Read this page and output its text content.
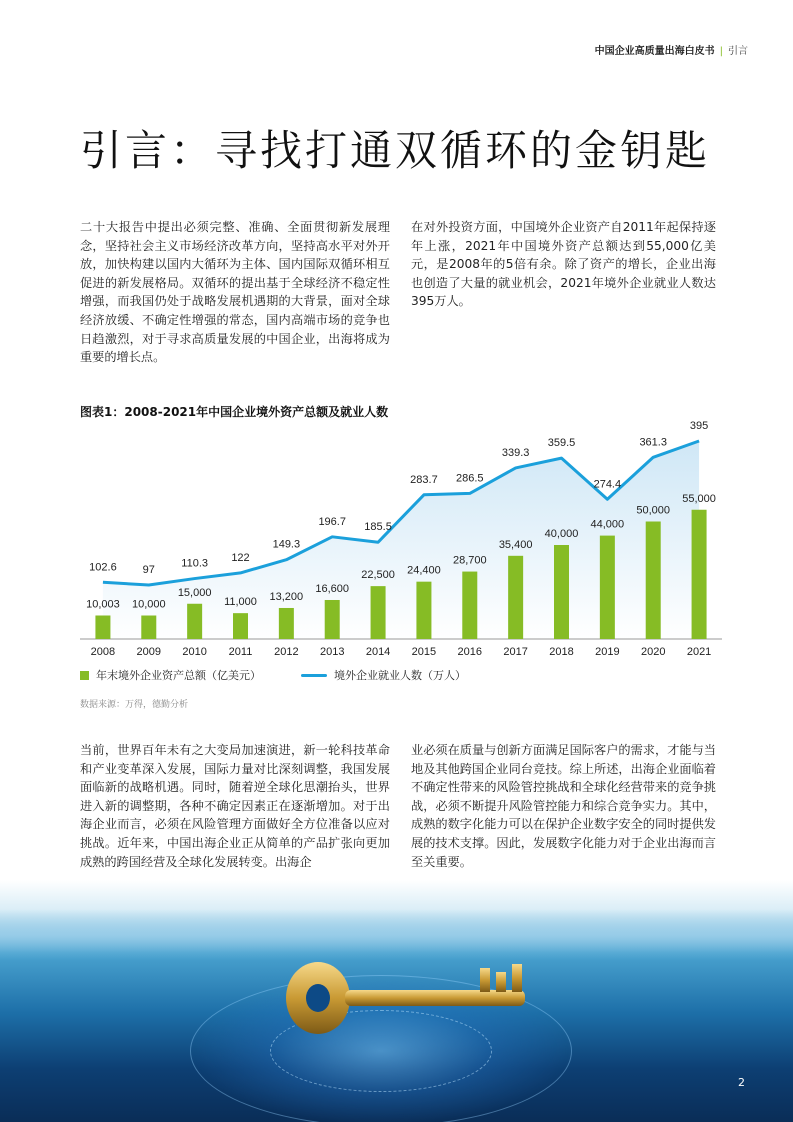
中国企业高质量出海白皮书 | 引言
引言：寻找打通双循环的金钥匙

二十大报告中提出必须完整、准确、全面贯彻新发展理念，坚持社会主义市场经济改革方向，坚持高水平对外开放，加快构建以国内大循环为主体、国内国际双循环相互促进的新发展格局。双循环的提出基于全球经济不稳定性增强，而我国仍处于战略发展机遇期的大背景，面对全球经济放缓、不确定性增强的常态，国内高端市场的竞争也日趋激烈，对于寻求高质量发展的中国企业，出海将成为重要的增长点。

在对外投资方面，中国境外企业资产自2011年起保持逐年上涨，2021年中国境外资产总额达到55,000亿美元，是2008年的5倍有余。除了资产的增长，企业出海也创造了大量的就业机会，2021年境外企业就业人数达395万人。

图表1：2008-2021年中国企业境外资产总额及就业人数

10,003
2008
10,000
2009
15,000
2010
11,000
2011
13,200
2012
16,600
2013
22,500
2014
24,400
2015
28,700
2016
35,400
2017
40,000
2018
44,000
2019
50,000
2020
55,000
2021
102.6 97
110.3 122
149.3
196.7 185.5
283.7 286.5
339.3
359.5
274.4
361.3
395
年末境外企业资产总额（亿美元）	境外企业就业人数（万人）

数据来源：万得，德勤分析

当前，世界百年未有之大变局加速演进，新一轮科技革命和产业变革深入发展，国际力量对比深刻调整，我国发展面临新的战略机遇。同时，随着逆全球化思潮抬头，世界进入新的调整期，各种不确定因素正在逐渐增加。对于出海企业而言，必须在风险管理方面做好全方位准备以应对挑战。近年来，中国出海企业正从简单的产品扩张向更加成熟的跨国经营及全球化发展转变。出海企

业必须在质量与创新方面满足国际客户的需求，才能与当地及其他跨国企业同台竞技。综上所述，出海企业面临着不确定性带来的风险管控挑战和全球化经营带来的竞争挑战，必须不断提升风险管控能力和综合竞争实力。其中，成熟的数字化能力可以在保护企业数字安全的同时提供发展的技术支撑。因此，发展数字化能力对于企业出海而言至关重要。

2
